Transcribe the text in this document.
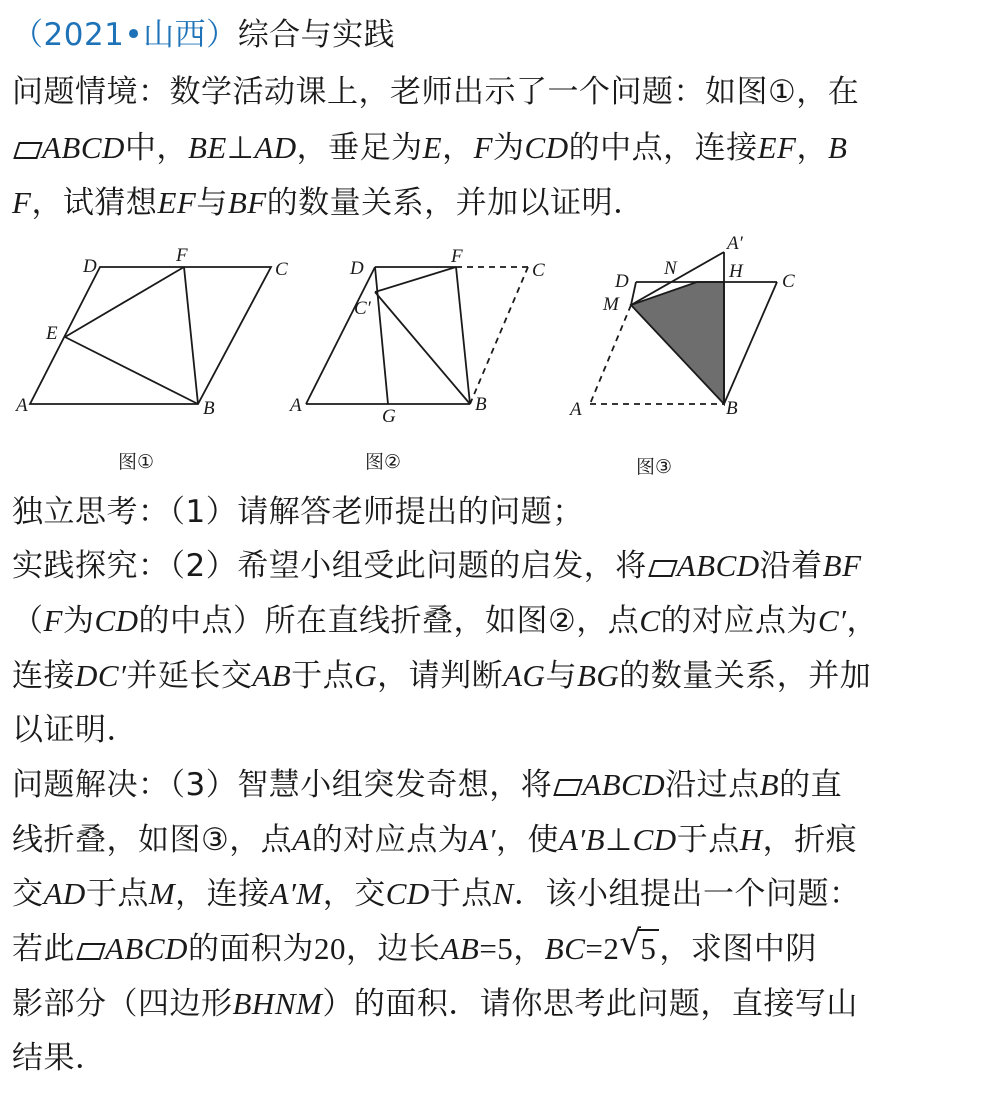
（2021•山西）综合与实践
问题情境：数学活动课上，老师出示了一个问题：如图①，在
ABCD中，BE⊥AD，垂足为E，F为CD的中点，连接EF，B
F，试猜想EF与BF的数量关系，并加以证明．
D
F
C
E
A	B
图①
D
F
C
C′
A
G
B
图②
A′
N	H C
D
M
A	B
图③
独立思考：（1）请解答老师提出的问题；
实践探究：（2）希望小组受此问题的启发，将 ABCD沿着BF
（F为CD的中点）所在直线折叠，如图②，点C的对应点为C′，
连接DC′并延长交AB于点G，请判断AG与BG的数量关系，并加
以证明．
问题解决：（3）智慧小组突发奇想，将 ABCD沿过点B的直
线折叠，如图③，点A的对应点为A′，使A′B⊥CD于点H，折痕
交AD于点M，连接A′M，交CD于点N．该小组提出一个问题：
若此 ABCD的面积为20，边长AB=5，BC=2 √
5，求图中阴
影部分（四边形BHNM）的面积．请你思考此问题，直接写山
结果．
